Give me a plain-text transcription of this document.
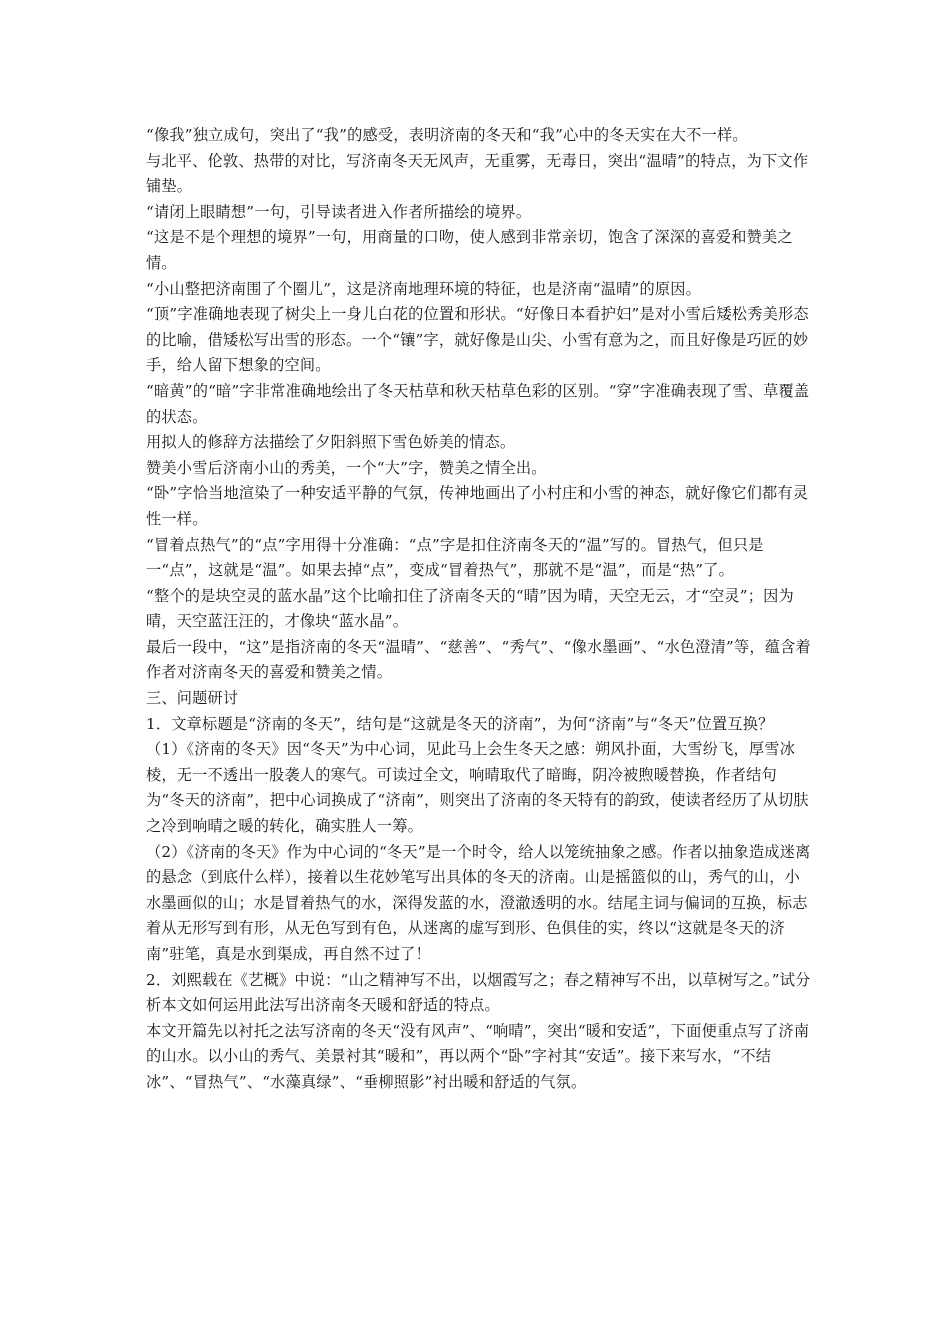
“像我”独立成句，突出了“我”的感受，表明济南的冬天和“我”心中的冬天实在大不一样。

与北平、伦敦、热带的对比，写济南冬天无风声，无重雾，无毒日，突出“温晴”的特点，为下文作铺垫。

“请闭上眼睛想”一句，引导读者进入作者所描绘的境界。

“这是不是个理想的境界”一句，用商量的口吻，使人感到非常亲切，饱含了深深的喜爱和赞美之情。

“小山整把济南围了个圈儿”，这是济南地理环境的特征，也是济南“温晴”的原因。

“顶”字准确地表现了树尖上一身儿白花的位置和形状。“好像日本看护妇”是对小雪后矮松秀美形态的比喻，借矮松写出雪的形态。一个“镶”字，就好像是山尖、小雪有意为之，而且好像是巧匠的妙手，给人留下想象的空间。

“暗黄”的“暗”字非常准确地绘出了冬天枯草和秋天枯草色彩的区别。“穿”字准确表现了雪、草覆盖的状态。

用拟人的修辞方法描绘了夕阳斜照下雪色娇美的情态。

赞美小雪后济南小山的秀美，一个“大”字，赞美之情全出。

“卧”字恰当地渲染了一种安适平静的气氛，传神地画出了小村庄和小雪的神态，就好像它们都有灵性一样。

“冒着点热气”的“点”字用得十分准确：“点”字是扣住济南冬天的“温”写的。冒热气，但只是一“点”，这就是“温”。如果去掉“点”，变成“冒着热气”，那就不是“温”，而是“热”了。

“整个的是块空灵的蓝水晶”这个比喻扣住了济南冬天的“晴”因为晴，天空无云，才“空灵”；因为晴，天空蓝汪汪的，才像块“蓝水晶”。

最后一段中，“这”是指济南的冬天“温晴”、“慈善”、“秀气”、“像水墨画”、“水色澄清”等，蕴含着作者对济南冬天的喜爱和赞美之情。

三、问题研讨

1．文章标题是“济南的冬天”，结句是“这就是冬天的济南”，为何“济南”与“冬天”位置互换？

（1）《济南的冬天》因“冬天”为中心词，见此马上会生冬天之感：朔风扑面，大雪纷飞，厚雪冰棱，无一不透出一股袭人的寒气。可读过全文，响晴取代了暗晦，阴冷被煦暖替换，作者结句为“冬天的济南”，把中心词换成了“济南”，则突出了济南的冬天特有的韵致，使读者经历了从切肤之冷到响晴之暖的转化，确实胜人一筹。

（2）《济南的冬天》作为中心词的“冬天”是一个时令，给人以笼统抽象之感。作者以抽象造成迷离的悬念（到底什么样），接着以生花妙笔写出具体的冬天的济南。山是摇篮似的山，秀气的山，小水墨画似的山；水是冒着热气的水，深得发蓝的水，澄澈透明的水。结尾主词与偏词的互换，标志着从无形写到有形，从无色写到有色，从迷离的虚写到形、色俱佳的实，终以“这就是冬天的济南”驻笔，真是水到渠成，再自然不过了！

2．刘熙载在《艺概》中说：“山之精神写不出，以烟霞写之；春之精神写不出，以草树写之。”试分析本文如何运用此法写出济南冬天暖和舒适的特点。

本文开篇先以衬托之法写济南的冬天“没有风声”、“响晴”，突出“暖和安适”，下面便重点写了济南的山水。以小山的秀气、美景衬其“暖和”，再以两个“卧”字衬其“安适”。接下来写水，“不结冰”、“冒热气”、“水藻真绿”、“垂柳照影”衬出暖和舒适的气氛。
